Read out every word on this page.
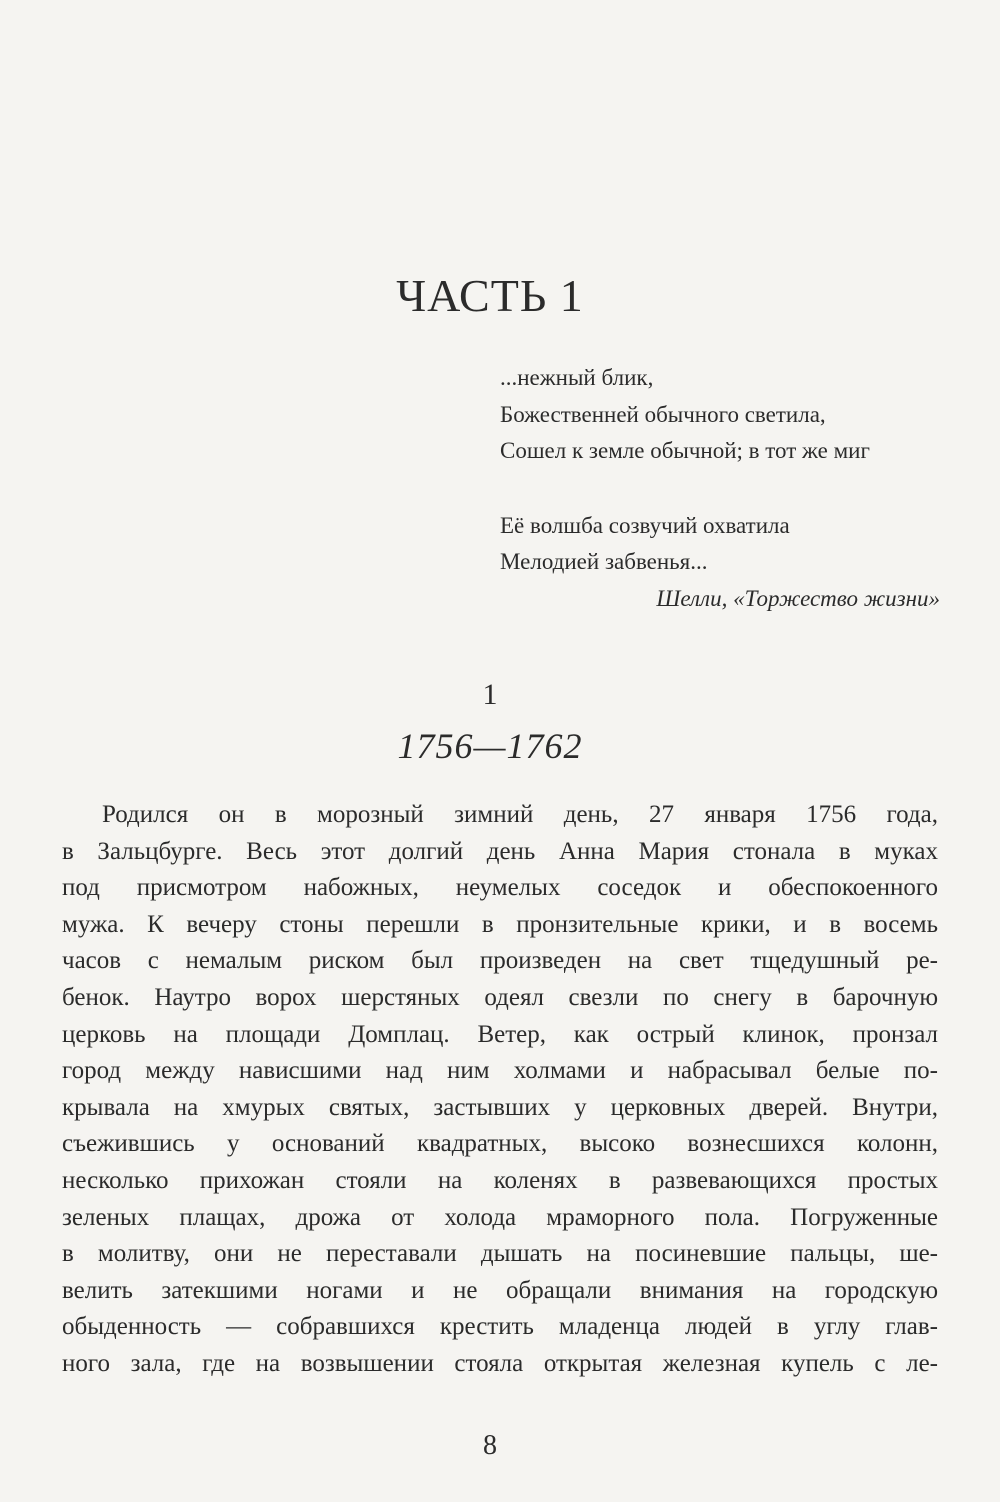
ЧАСТЬ 1
...нежный блик,
Божественней обычного светила,
Сошел к земле обычной; в тот же миг
Её волшба созвучий охватила
Мелодией забвенья...
Шелли, «Торжество жизни»
1
1756—1762
Родился он в морозный зимний день, 27 января 1756 года,
в Зальцбурге. Весь этот долгий день Анна Мария стонала в муках
под присмотром набожных, неумелых соседок и обеспокоенного
мужа. К вечеру стоны перешли в пронзительные крики, и в восемь
часов с немалым риском был произведен на свет тщедушный ре-
бенок. Наутро ворох шерстяных одеял свезли по снегу в барочную
церковь на площади Домплац. Ветер, как острый клинок, пронзал
город между нависшими над ним холмами и набрасывал белые по-
крывала на хмурых святых, застывших у церковных дверей. Внутри,
съежившись у оснований квадратных, высоко вознесшихся колонн,
несколько прихожан стояли на коленях в развевающихся простых
зеленых плащах, дрожа от холода мраморного пола. Погруженные
в молитву, они не переставали дышать на посиневшие пальцы, ше-
велить затекшими ногами и не обращали внимания на городскую
обыденность — собравшихся крестить младенца людей в углу глав-
ного зала, где на возвышении стояла открытая железная купель с ле-
8
